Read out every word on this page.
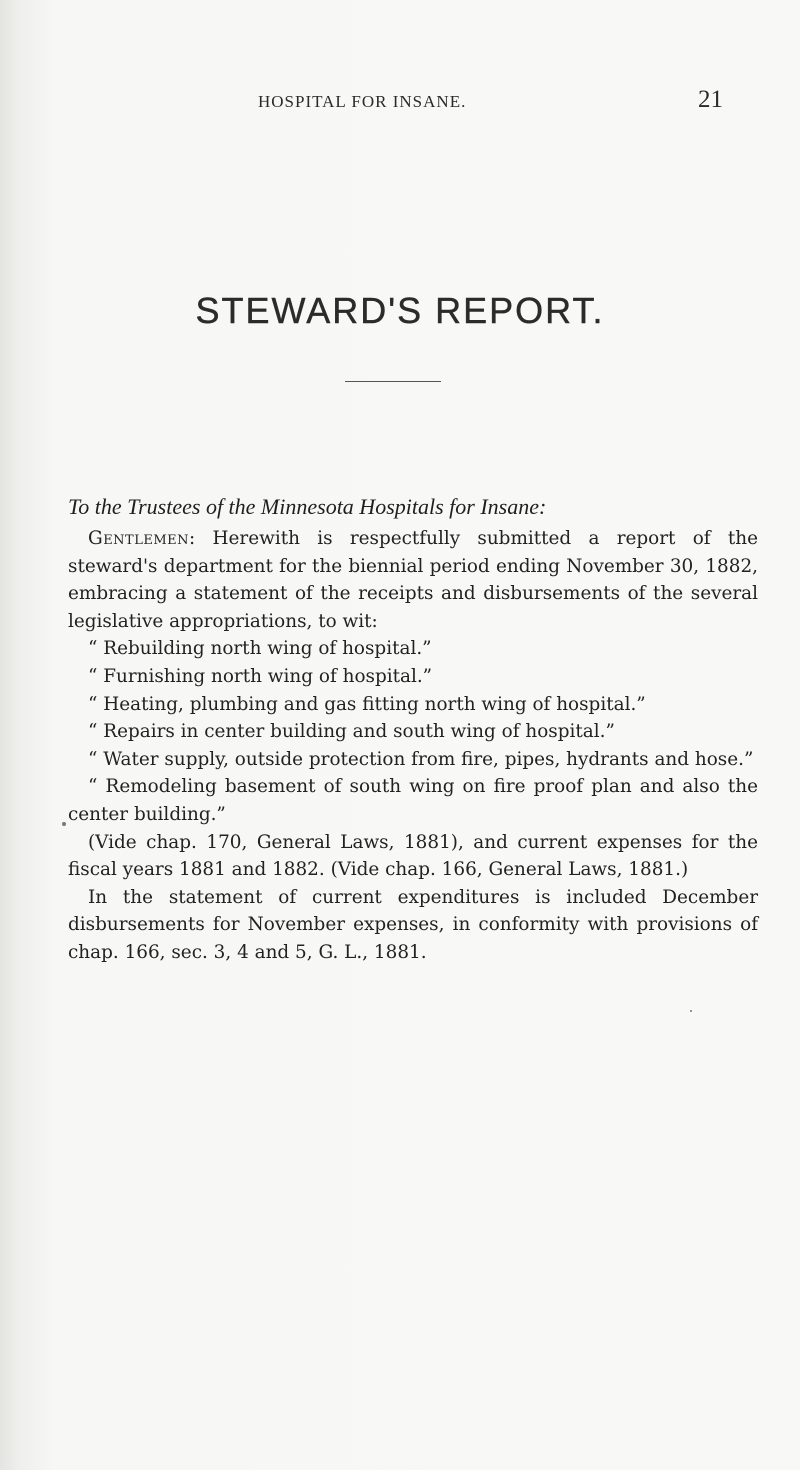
HOSPITAL FOR INSANE.	21
STEWARD'S REPORT.
To the Trustees of the Minnesota Hospitals for Insane:

Gentlemen: Herewith is respectfully submitted a report of the steward's department for the biennial period ending November 30, 1882, embracing a statement of the receipts and disbursements of the several legislative appropriations, to wit:

“ Rebuilding north wing of hospital.”

“ Furnishing north wing of hospital.”

“ Heating, plumbing and gas fitting north wing of hospital.”

“ Repairs in center building and south wing of hospital.”

“ Water supply, outside protection from fire, pipes, hydrants and hose.”

“ Remodeling basement of south wing on fire proof plan and also the center building.”

(Vide chap. 170, General Laws, 1881), and current expenses for the fiscal years 1881 and 1882. (Vide chap. 166, General Laws, 1881.)

In the statement of current expenditures is included December disbursements for November expenses, in conformity with provisions of chap. 166, sec. 3, 4 and 5, G. L., 1881.
